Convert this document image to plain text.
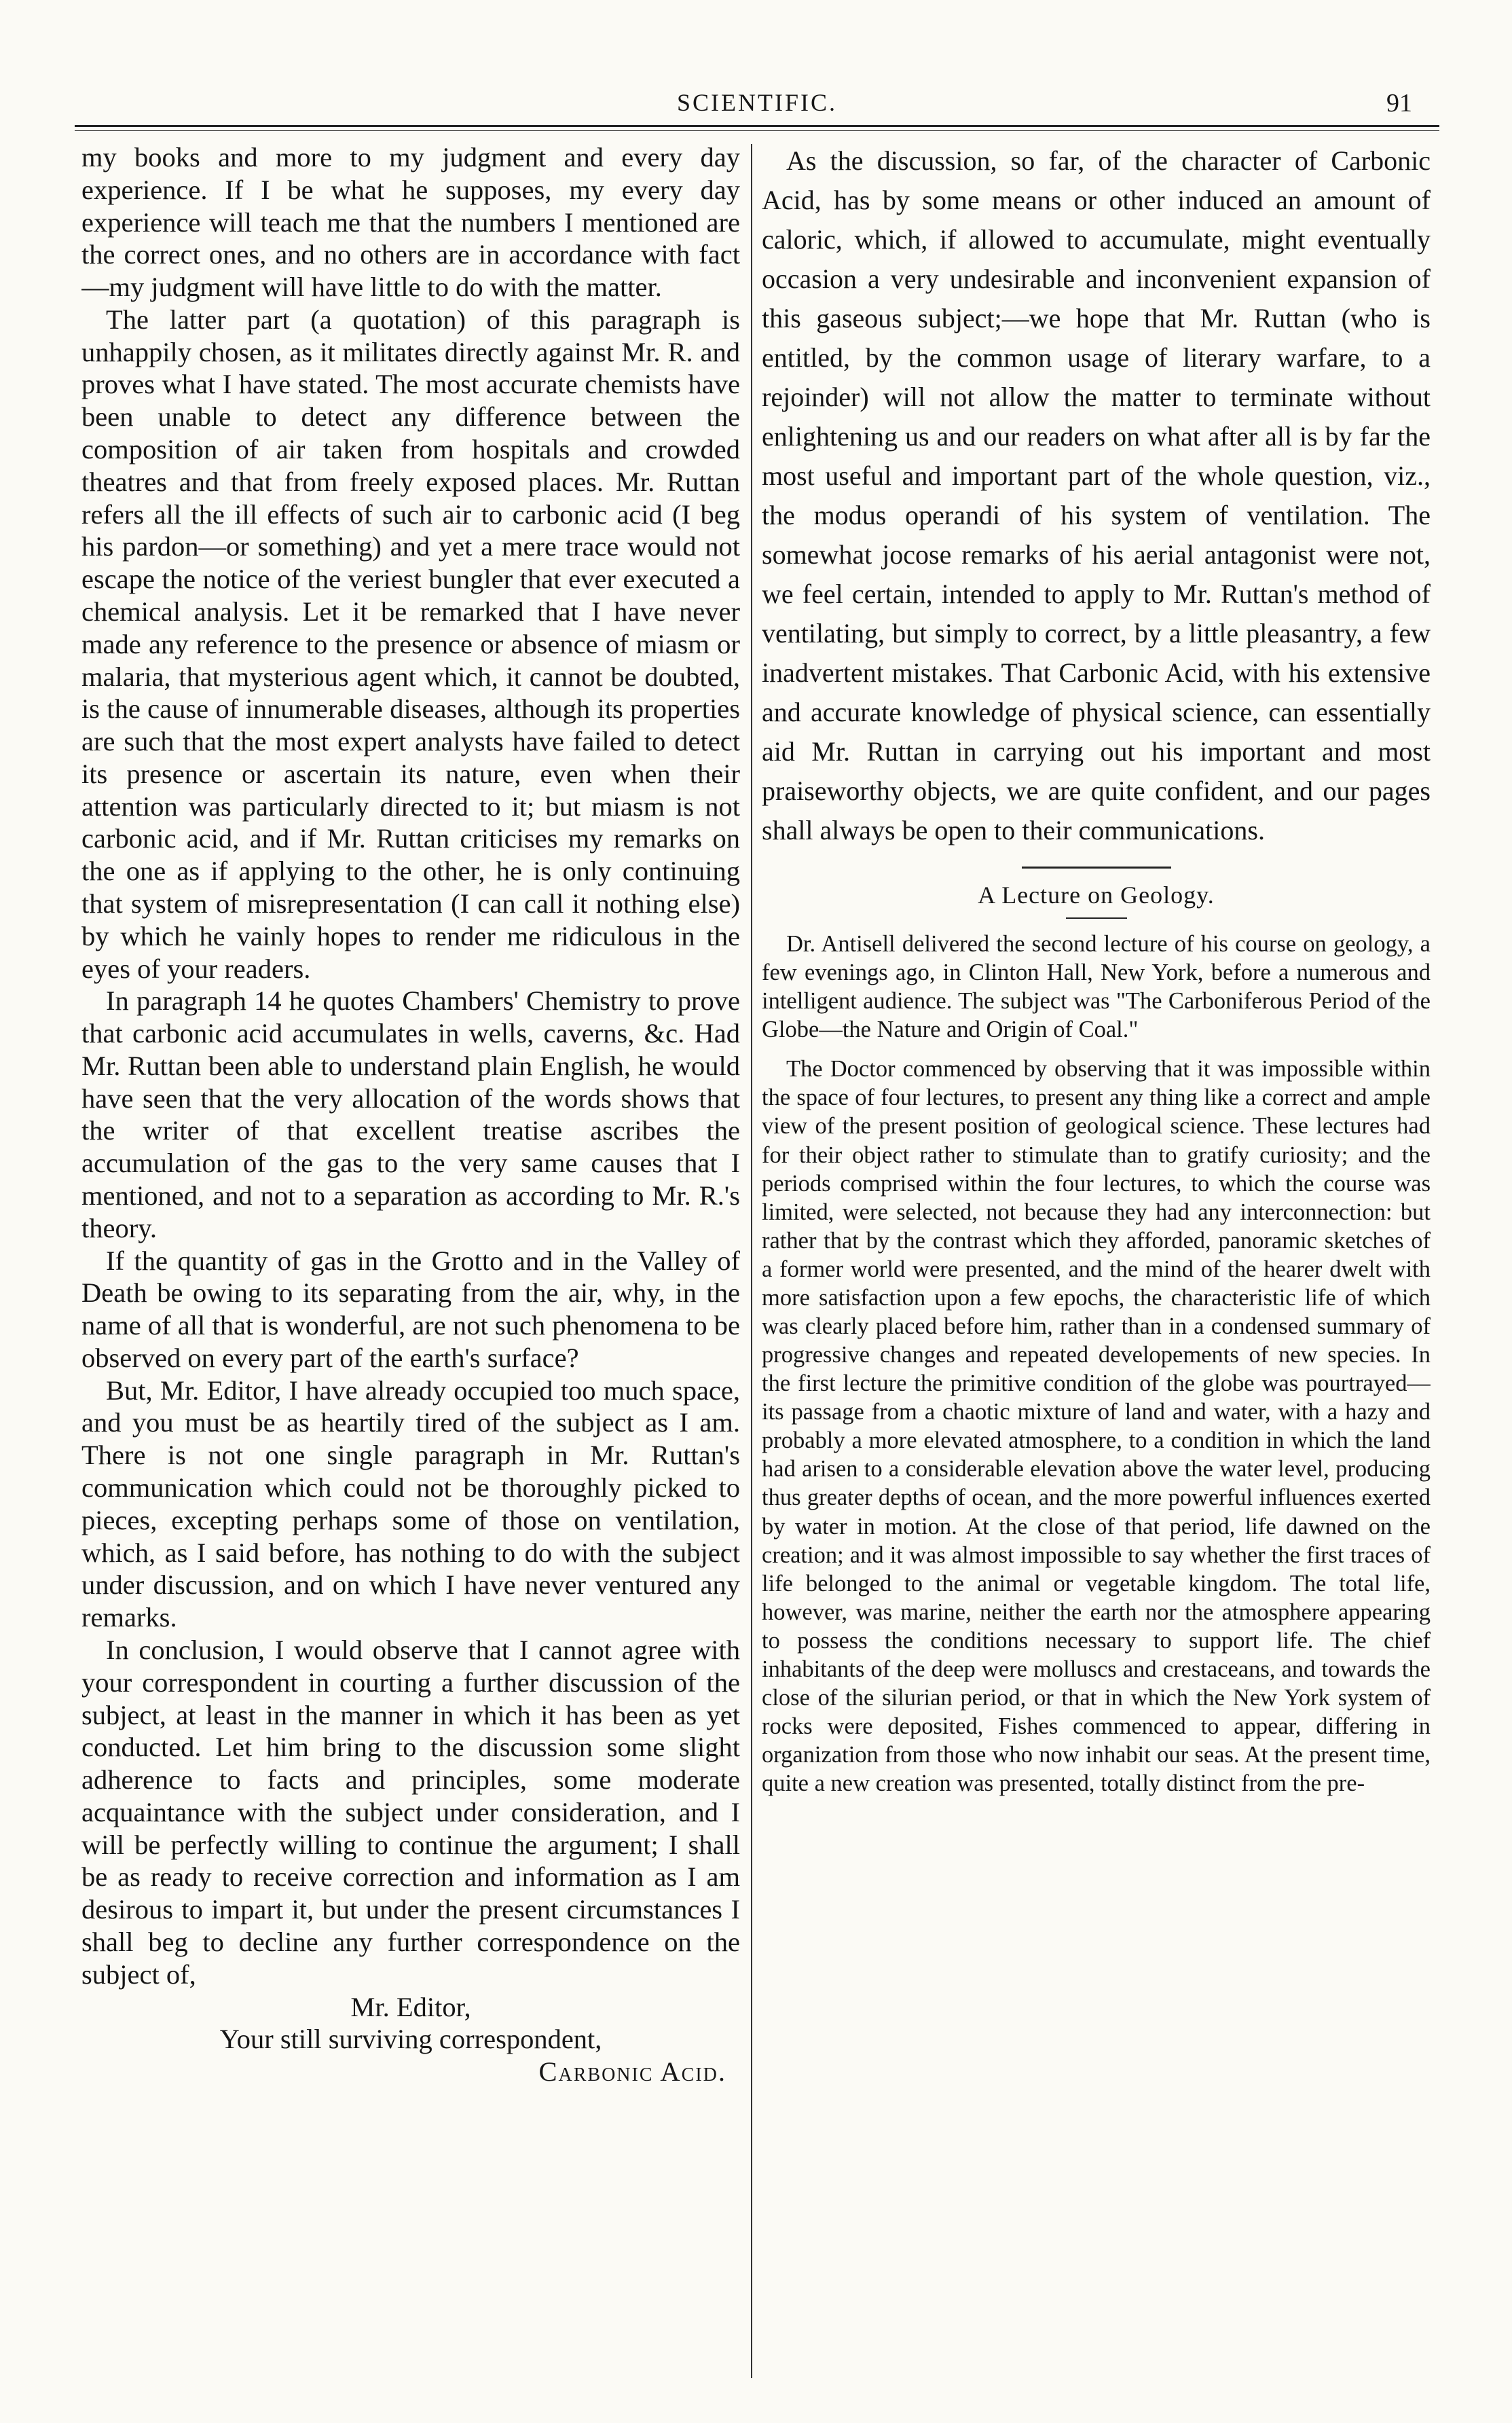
SCIENTIFIC.	91

my books and more to my judgment and every day experience. If I be what he supposes, my every day experience will teach me that the numbers I mentioned are the correct ones, and no others are in accordance with fact—my judgment will have little to do with the matter.

The latter part (a quotation) of this paragraph is unhappily chosen, as it militates directly against Mr. R. and proves what I have stated. The most accurate chemists have been unable to detect any difference between the composition of air taken from hospitals and crowded theatres and that from freely exposed places. Mr. Ruttan refers all the ill effects of such air to carbonic acid (I beg his pardon—or something) and yet a mere trace would not escape the notice of the veriest bungler that ever executed a chemical analysis. Let it be remarked that I have never made any reference to the presence or absence of miasm or malaria, that mysterious agent which, it cannot be doubted, is the cause of innumerable diseases, although its properties are such that the most expert analysts have failed to detect its presence or ascertain its nature, even when their attention was particularly directed to it; but miasm is not carbonic acid, and if Mr. Ruttan criticises my remarks on the one as if applying to the other, he is only continuing that system of misrepresentation (I can call it nothing else) by which he vainly hopes to render me ridiculous in the eyes of your readers.

In paragraph 14 he quotes Chambers' Chemistry to prove that carbonic acid accumulates in wells, caverns, &c. Had Mr. Ruttan been able to understand plain English, he would have seen that the very allocation of the words shows that the writer of that excellent treatise ascribes the accumulation of the gas to the very same causes that I mentioned, and not to a separation as according to Mr. R.'s theory.

If the quantity of gas in the Grotto and in the Valley of Death be owing to its separating from the air, why, in the name of all that is wonderful, are not such phenomena to be observed on every part of the earth's surface?

But, Mr. Editor, I have already occupied too much space, and you must be as heartily tired of the subject as I am. There is not one single paragraph in Mr. Ruttan's communication which could not be thoroughly picked to pieces, excepting perhaps some of those on ventilation, which, as I said before, has nothing to do with the subject under discussion, and on which I have never ventured any remarks.

In conclusion, I would observe that I cannot agree with your correspondent in courting a further discussion of the subject, at least in the manner in which it has been as yet conducted. Let him bring to the discussion some slight adherence to facts and principles, some moderate acquaintance with the subject under consideration, and I will be perfectly willing to continue the argument; I shall be as ready to receive correction and information as I am desirous to impart it, but under the present circumstances I shall beg to decline any further correspondence on the subject of,

Mr. Editor,
Your still surviving correspondent,
Carbonic Acid.

As the discussion, so far, of the character of Carbonic Acid, has by some means or other induced an amount of caloric, which, if allowed to accumulate, might eventually occasion a very undesirable and inconvenient expansion of this gaseous subject;—we hope that Mr. Ruttan (who is entitled, by the common usage of literary warfare, to a rejoinder) will not allow the matter to terminate without enlightening us and our readers on what after all is by far the most useful and important part of the whole question, viz., the modus operandi of his system of ventilation. The somewhat jocose remarks of his aerial antagonist were not, we feel certain, intended to apply to Mr. Ruttan's method of ventilating, but simply to correct, by a little pleasantry, a few inadvertent mistakes. That Carbonic Acid, with his extensive and accurate knowledge of physical science, can essentially aid Mr. Ruttan in carrying out his important and most praiseworthy objects, we are quite confident, and our pages shall always be open to their communications.

A Lecture on Geology.

Dr. Antisell delivered the second lecture of his course on geology, a few evenings ago, in Clinton Hall, New York, before a numerous and intelligent audience. The subject was "The Carboniferous Period of the Globe—the Nature and Origin of Coal."

The Doctor commenced by observing that it was impossible within the space of four lectures, to present any thing like a correct and ample view of the present position of geological science. These lectures had for their object rather to stimulate than to gratify curiosity; and the periods comprised within the four lectures, to which the course was limited, were selected, not because they had any interconnection: but rather that by the contrast which they afforded, panoramic sketches of a former world were presented, and the mind of the hearer dwelt with more satisfaction upon a few epochs, the characteristic life of which was clearly placed before him, rather than in a condensed summary of progressive changes and repeated developements of new species. In the first lecture the primitive condition of the globe was pourtrayed—its passage from a chaotic mixture of land and water, with a hazy and probably a more elevated atmosphere, to a condition in which the land had arisen to a considerable elevation above the water level, producing thus greater depths of ocean, and the more powerful influences exerted by water in motion. At the close of that period, life dawned on the creation; and it was almost impossible to say whether the first traces of life belonged to the animal or vegetable kingdom. The total life, however, was marine, neither the earth nor the atmosphere appearing to possess the conditions necessary to support life. The chief inhabitants of the deep were molluscs and crestaceans, and towards the close of the silurian period, or that in which the New York system of rocks were deposited, Fishes commenced to appear, differing in organization from those who now inhabit our seas. At the present time, quite a new creation was presented, totally distinct from the pre-
